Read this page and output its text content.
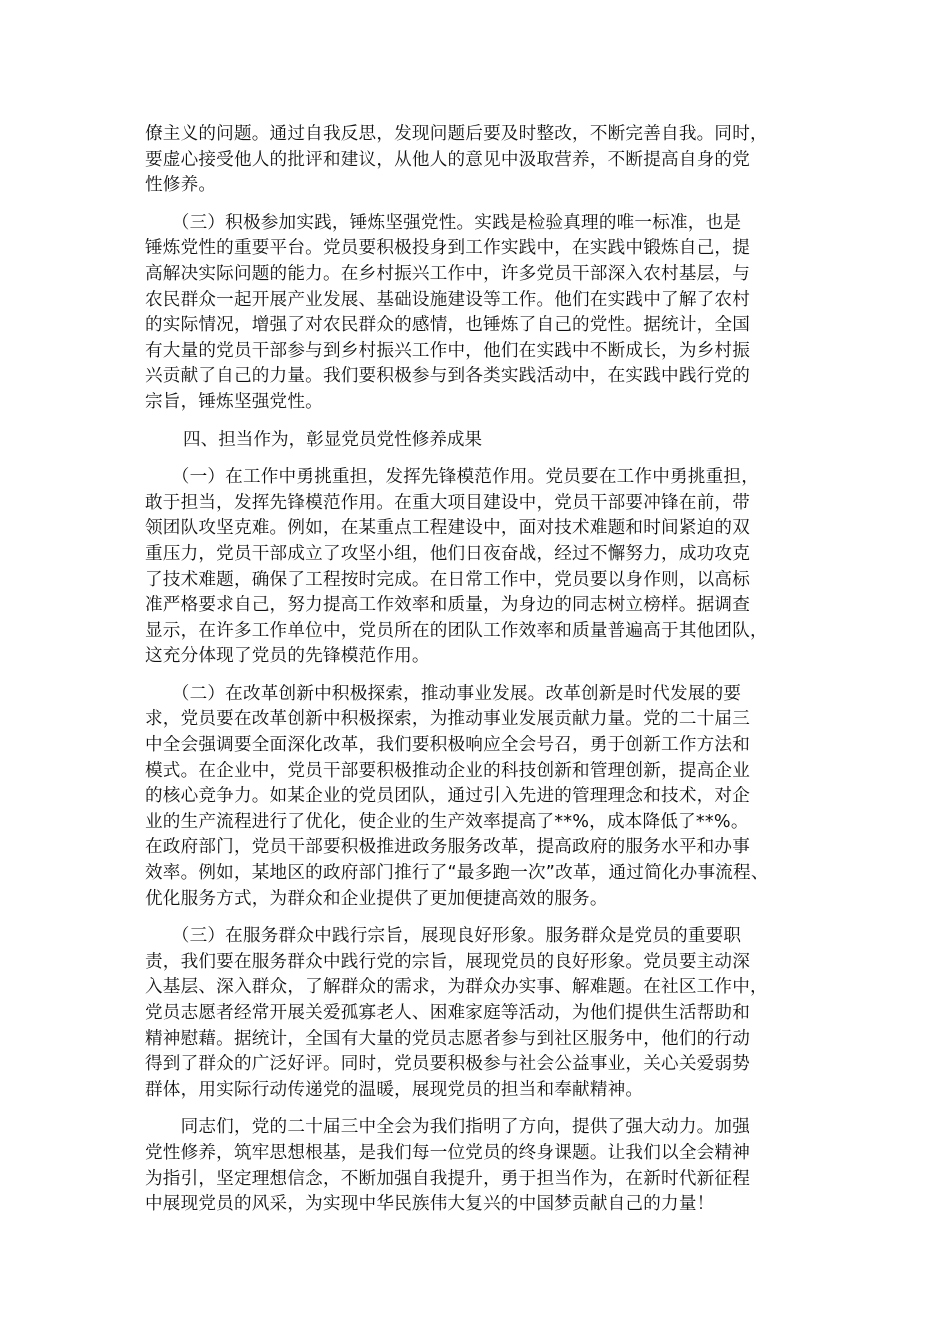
僚主义的问题。通过自我反思，发现问题后要及时整改，不断完善自我。同时，
要虚心接受他人的批评和建议，从他人的意见中汲取营养，不断提高自身的党
性修养。
　　（三）积极参加实践，锤炼坚强党性。实践是检验真理的唯一标准，也是
锤炼党性的重要平台。党员要积极投身到工作实践中，在实践中锻炼自己，提
高解决实际问题的能力。在乡村振兴工作中，许多党员干部深入农村基层，与
农民群众一起开展产业发展、基础设施建设等工作。他们在实践中了解了农村
的实际情况，增强了对农民群众的感情，也锤炼了自己的党性。据统计，全国
有大量的党员干部参与到乡村振兴工作中，他们在实践中不断成长，为乡村振
兴贡献了自己的力量。我们要积极参与到各类实践活动中，在实践中践行党的
宗旨，锤炼坚强党性。
四、担当作为，彰显党员党性修养成果
　　（一）在工作中勇挑重担，发挥先锋模范作用。党员要在工作中勇挑重担，
敢于担当，发挥先锋模范作用。在重大项目建设中，党员干部要冲锋在前，带
领团队攻坚克难。例如，在某重点工程建设中，面对技术难题和时间紧迫的双
重压力，党员干部成立了攻坚小组，他们日夜奋战，经过不懈努力，成功攻克
了技术难题，确保了工程按时完成。在日常工作中，党员要以身作则，以高标
准严格要求自己，努力提高工作效率和质量，为身边的同志树立榜样。据调查
显示，在许多工作单位中，党员所在的团队工作效率和质量普遍高于其他团队，
这充分体现了党员的先锋模范作用。
　　（二）在改革创新中积极探索，推动事业发展。改革创新是时代发展的要
求，党员要在改革创新中积极探索，为推动事业发展贡献力量。党的二十届三
中全会强调要全面深化改革，我们要积极响应全会号召，勇于创新工作方法和
模式。在企业中，党员干部要积极推动企业的科技创新和管理创新，提高企业
的核心竞争力。如某企业的党员团队，通过引入先进的管理理念和技术，对企
业的生产流程进行了优化，使企业的生产效率提高了**%，成本降低了**%。
在政府部门，党员干部要积极推进政务服务改革，提高政府的服务水平和办事
效率。例如，某地区的政府部门推行了“最多跑一次”改革，通过简化办事流程、
优化服务方式，为群众和企业提供了更加便捷高效的服务。
　　（三）在服务群众中践行宗旨，展现良好形象。服务群众是党员的重要职
责，我们要在服务群众中践行党的宗旨，展现党员的良好形象。党员要主动深
入基层、深入群众，了解群众的需求，为群众办实事、解难题。在社区工作中，
党员志愿者经常开展关爱孤寡老人、困难家庭等活动，为他们提供生活帮助和
精神慰藉。据统计，全国有大量的党员志愿者参与到社区服务中，他们的行动
得到了群众的广泛好评。同时，党员要积极参与社会公益事业，关心关爱弱势
群体，用实际行动传递党的温暖，展现党员的担当和奉献精神。
　　同志们，党的二十届三中全会为我们指明了方向，提供了强大动力。加强
党性修养，筑牢思想根基，是我们每一位党员的终身课题。让我们以全会精神
为指引，坚定理想信念，不断加强自我提升，勇于担当作为，在新时代新征程
中展现党员的风采，为实现中华民族伟大复兴的中国梦贡献自己的力量！
